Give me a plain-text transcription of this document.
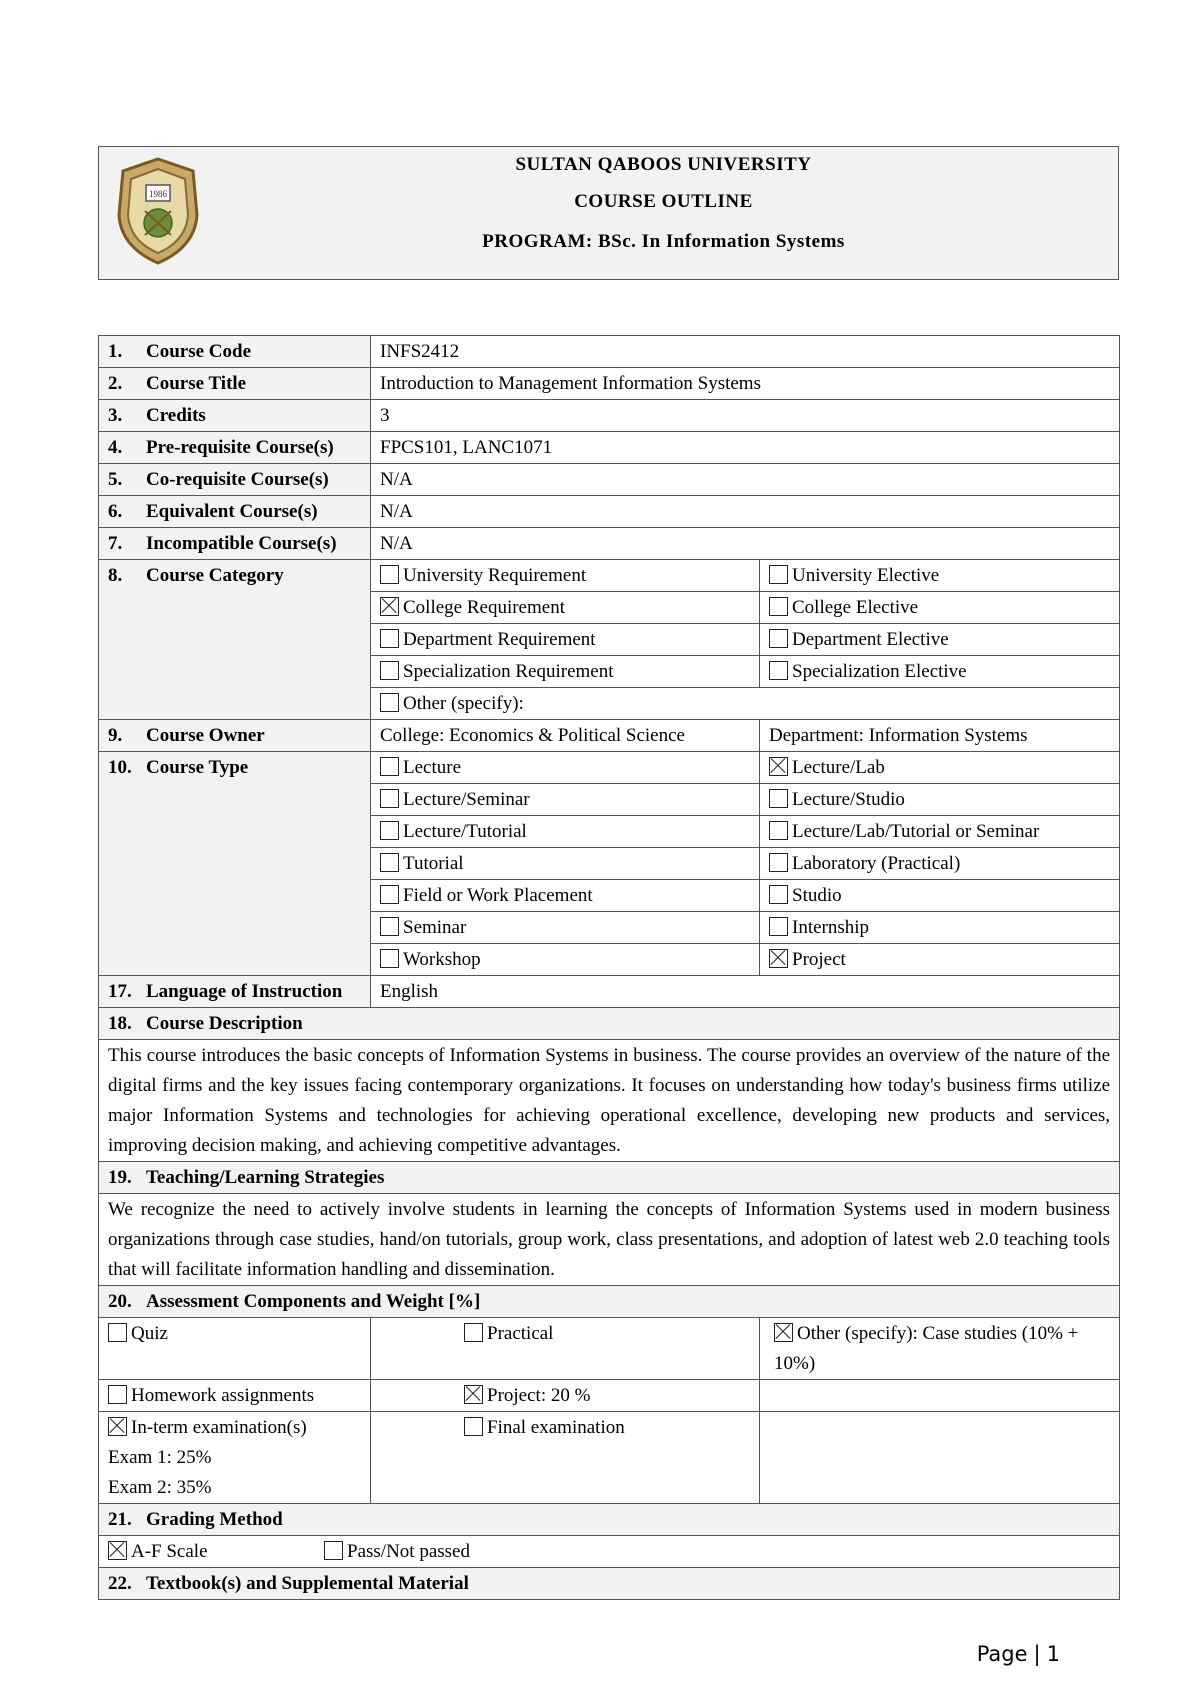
1986
SULTAN QABOOS UNIVERSITY
COURSE OUTLINE
PROGRAM: BSc. In Information Systems
1. Course Code	INFS2412	
2. Course Title	Introduction to Management Information Systems	
3. Credits	3	
4. Pre-requisite Course(s)	FPCS101, LANC1071	
5. Co-requisite Course(s)	N/A	
6. Equivalent Course(s)	N/A	
7. Incompatible Course(s)	N/A	
8. Course Category	University Requirement	University Elective
	College Requirement	College Elective
	Department Requirement	Department Elective
	Specialization Requirement	Specialization Elective
	Other (specify):	
9. Course Owner	College: Economics & Political Science	Department: Information Systems
10. Course Type	Lecture	Lecture/Lab
	Lecture/Seminar	Lecture/Studio
	Lecture/Tutorial	Lecture/Lab/Tutorial or Seminar
	Tutorial	Laboratory (Practical)
	Field or Work Placement	Studio
	Seminar	Internship
	Workshop	Project
17. Language of Instruction	English	
18. Course Description		
This course introduces the basic concepts of Information Systems in business. The course provides an overview of the nature of the digital firms and the key issues facing contemporary organizations. It focuses on understanding how today's business firms utilize major Information Systems and technologies for achieving operational excellence, developing new products and services, improving decision making, and achieving competitive advantages.		
19. Teaching/Learning Strategies		
We recognize the need to actively involve students in learning the concepts of Information Systems used in modern business organizations through case studies, hand/on tutorials, group work, class presentations, and adoption of latest web 2.0 teaching tools that will facilitate information handling and dissemination.		
20. Assessment Components and Weight [%]		
Quiz	Practical	Other (specify): Case studies (10% + 10%)
Homework assignments	Project: 20 %	
In-term examination(s)
Exam 1: 25%
Exam 2: 35%	Final examination	
21. Grading Method		
A-F Scale Pass/Not passed		
22. Textbook(s) and Supplemental Material		
Page | 1
